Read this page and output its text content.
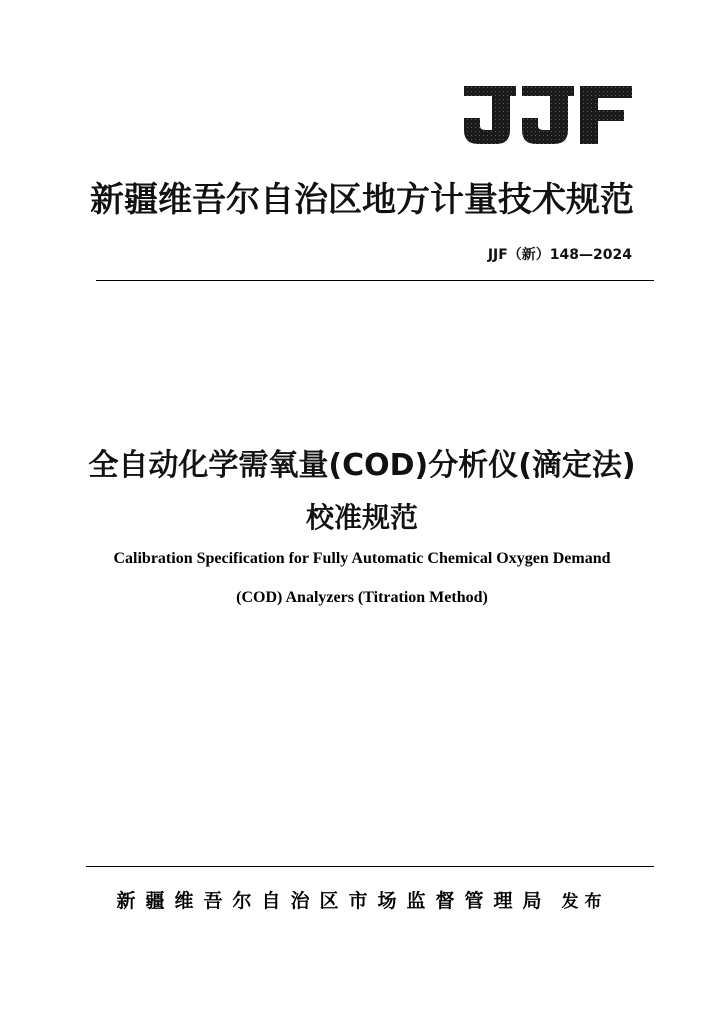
新疆维吾尔自治区地方计量技术规范
JJF（新）148—2024
全自动化学需氧量(COD)分析仪(滴定法)
校准规范
Calibration Specification for Fully Automatic Chemical Oxygen Demand
(COD) Analyzers (Titration Method)
新疆维吾尔自治区市场监督管理局 发布
